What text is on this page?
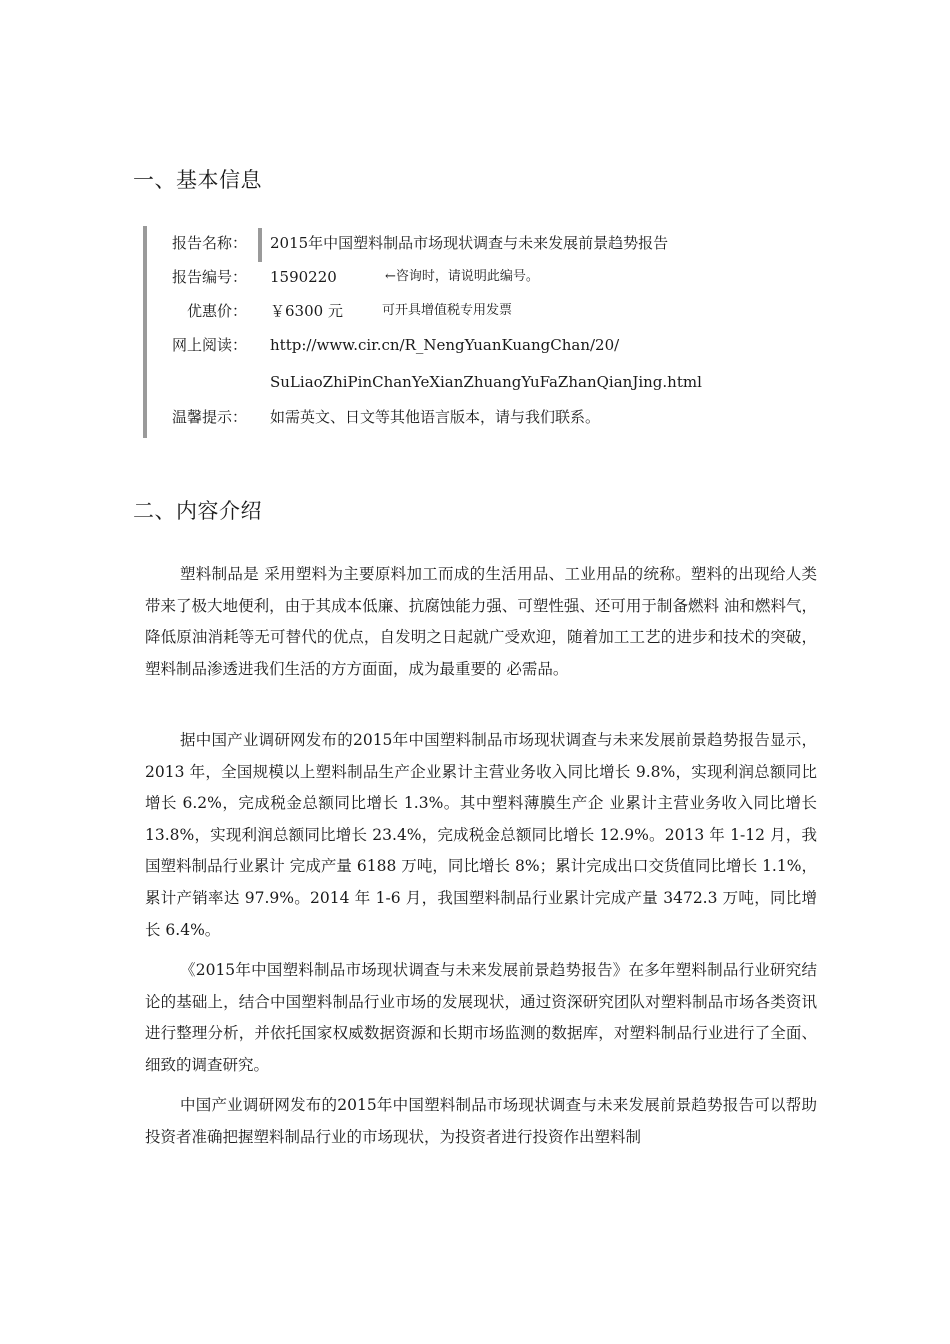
一、基本信息
报告名称： 2015年中国塑料制品市场现状调查与未来发展前景趋势报告
报告编号： 1590220	←咨询时，请说明此编号。
优惠价： ￥6300 元	可开具增值税专用发票
网上阅读： http://www.cir.cn/R_NengYuanKuangChan/20/
SuLiaoZhiPinChanYeXianZhuangYuFaZhanQianJing.html
温馨提示： 如需英文、日文等其他语言版本，请与我们联系。
二、内容介绍

塑料制品是 采用塑料为主要原料加工而成的生活用品、工业用品的统称。塑料的出现给人类带来了极大地便利，由于其成本低廉、抗腐蚀能力强、可塑性强、还可用于制备燃料 油和燃料气，降低原油消耗等无可替代的优点，自发明之日起就广受欢迎，随着加工工艺的进步和技术的突破，塑料制品渗透进我们生活的方方面面，成为最重要的 必需品。

据中国产业调研网发布的2015年中国塑料制品市场现状调查与未来发展前景趋势报告显示，2013 年，全国规模以上塑料制品生产企业累计主营业务收入同比增长 9.8%，实现利润总额同比增长 6.2%，完成税金总额同比增长 1.3%。其中塑料薄膜生产企 业累计主营业务收入同比增长 13.8%，实现利润总额同比增长 23.4%，完成税金总额同比增长 12.9%。2013 年 1-12 月，我国塑料制品行业累计 完成产量 6188 万吨，同比增长 8%；累计完成出口交货值同比增长 1.1%，累计产销率达 97.9%。2014 年 1-6 月，我国塑料制品行业累计完成产量 3472.3 万吨，同比增长 6.4%。

《2015年中国塑料制品市场现状调查与未来发展前景趋势报告》在多年塑料制品行业研究结论的基础上，结合中国塑料制品行业市场的发展现状，通过资深研究团队对塑料制品市场各类资讯进行整理分析，并依托国家权威数据资源和长期市场监测的数据库，对塑料制品行业进行了全面、细致的调查研究。

中国产业调研网发布的2015年中国塑料制品市场现状调查与未来发展前景趋势报告可以帮助投资者准确把握塑料制品行业的市场现状，为投资者进行投资作出塑料制
